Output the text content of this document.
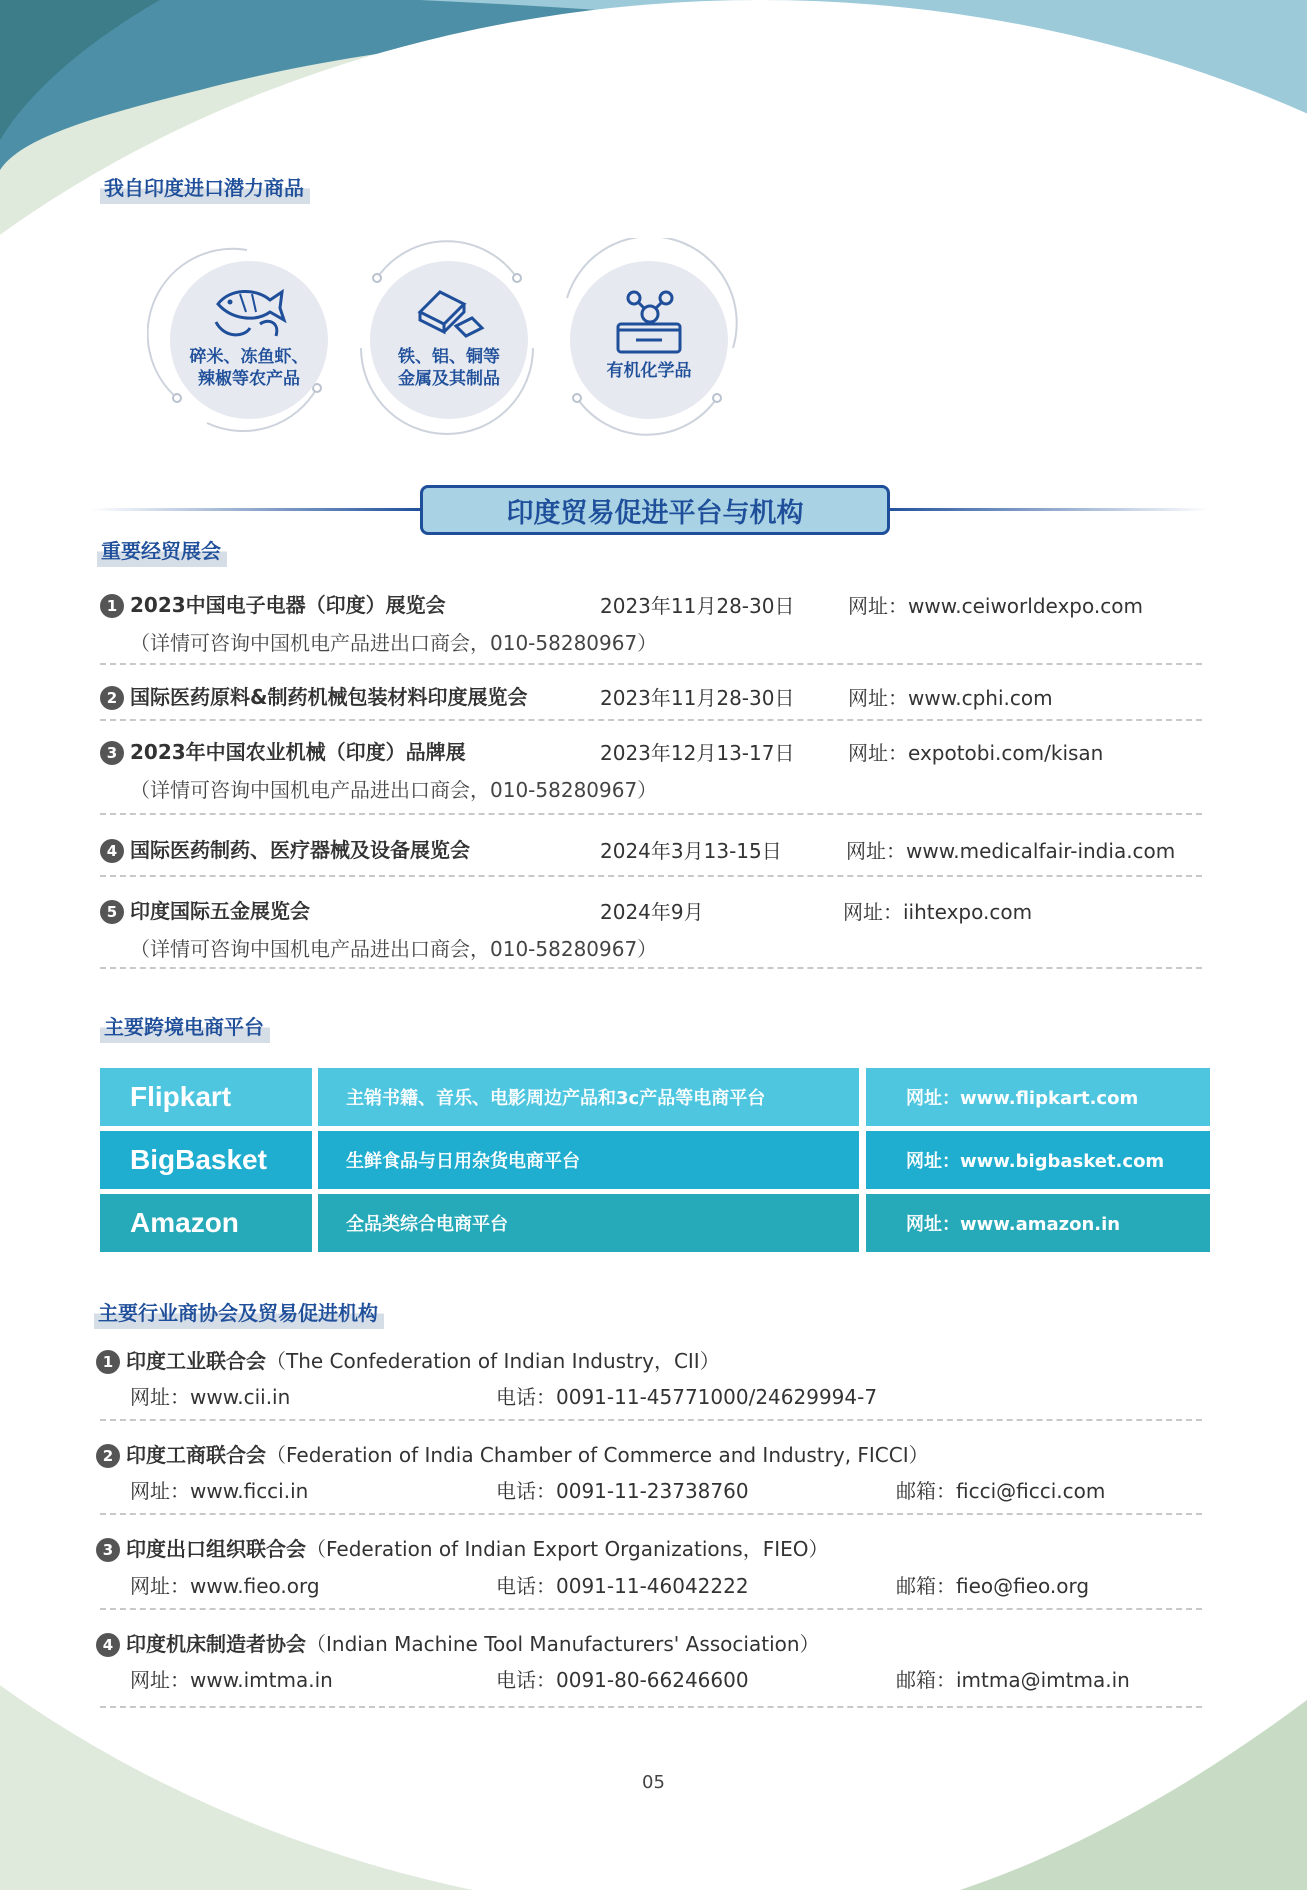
我自印度进口潜力商品
碎米、冻鱼虾、
辣椒等农产品
铁、铝、铜等
金属及其制品	有机化学品
印度贸易促进平台与机构
重要经贸展会
1 2023中国电子电器（印度）展览会	2023年11月28-30日	网址：www.ceiworldexpo.com
（详情可咨询中国机电产品进出口商会，010-58280967）
2 国际医药原料&制药机械包装材料印度展览会	2023年11月28-30日	网址：www.cphi.com
3 2023年中国农业机械（印度）品牌展	2023年12月13-17日	网址：expotobi.com/kisan
（详情可咨询中国机电产品进出口商会，010-58280967）
4 国际医药制药、医疗器械及设备展览会	2024年3月13-15日	网址：www.medicalfair-india.com
5 印度国际五金展览会	2024年9月	网址：iihtexpo.com
（详情可咨询中国机电产品进出口商会，010-58280967）
主要跨境电商平台
Flipkart	主销书籍、音乐、电影周边产品和3c产品等电商平台	网址：www.flipkart.com
BigBasket	生鲜食品与日用杂货电商平台	网址：www.bigbasket.com
Amazon	全品类综合电商平台	网址：www.amazon.in
主要行业商协会及贸易促进机构
1 印度工业联合会（The Confederation of Indian Industry，CII）
网址：www.cii.in	电话：0091-11-45771000/24629994-7
2 印度工商联合会（Federation of India Chamber of Commerce and Industry, FICCI）
网址：www.ficci.in	电话：0091-11-23738760	邮箱：ficci@ficci.com
3 印度出口组织联合会（Federation of Indian Export Organizations，FIEO）
网址：www.fieo.org	电话：0091-11-46042222	邮箱：fieo@fieo.org
4 印度机床制造者协会（Indian Machine Tool Manufacturers' Association）
网址：www.imtma.in	电话：0091-80-66246600	邮箱：imtma@imtma.in
05
